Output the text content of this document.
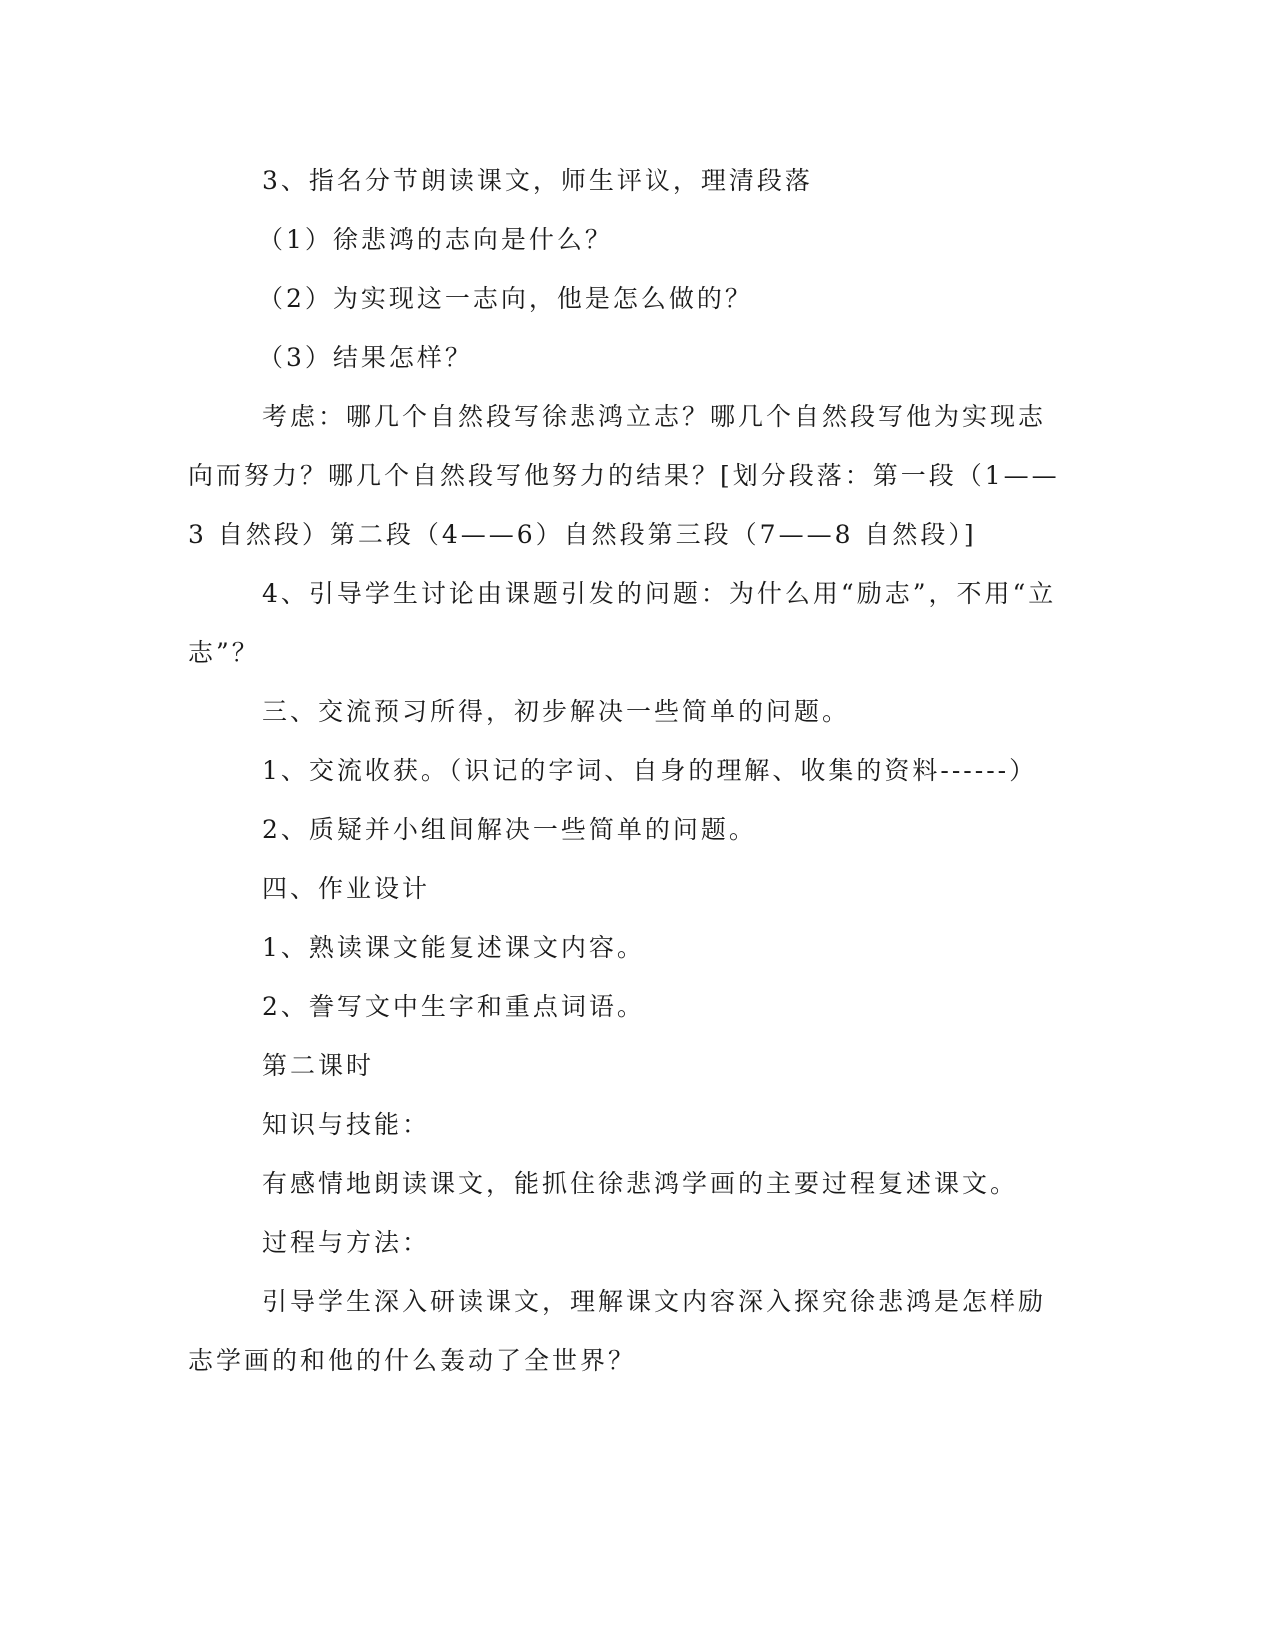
3、指名分节朗读课文，师生评议，理清段落
（1）徐悲鸿的志向是什么？
（2）为实现这一志向，他是怎么做的？
（3）结果怎样？
考虑：哪几个自然段写徐悲鸿立志？哪几个自然段写他为实现志
向而努力？哪几个自然段写他努力的结果？[划分段落：第一段（1——
3 自然段）第二段（4——6）自然段第三段（7——8 自然段）]
4、引导学生讨论由课题引发的问题：为什么用“励志”，不用“立
志”？
三、交流预习所得，初步解决一些简单的问题。
1、交流收获。（识记的字词、自身的理解、收集的资料------）
2、质疑并小组间解决一些简单的问题。
四、作业设计
1、熟读课文能复述课文内容。
2、誊写文中生字和重点词语。
第二课时
知识与技能：
有感情地朗读课文，能抓住徐悲鸿学画的主要过程复述课文。
过程与方法：
引导学生深入研读课文，理解课文内容深入探究徐悲鸿是怎样励
志学画的和他的什么轰动了全世界？
